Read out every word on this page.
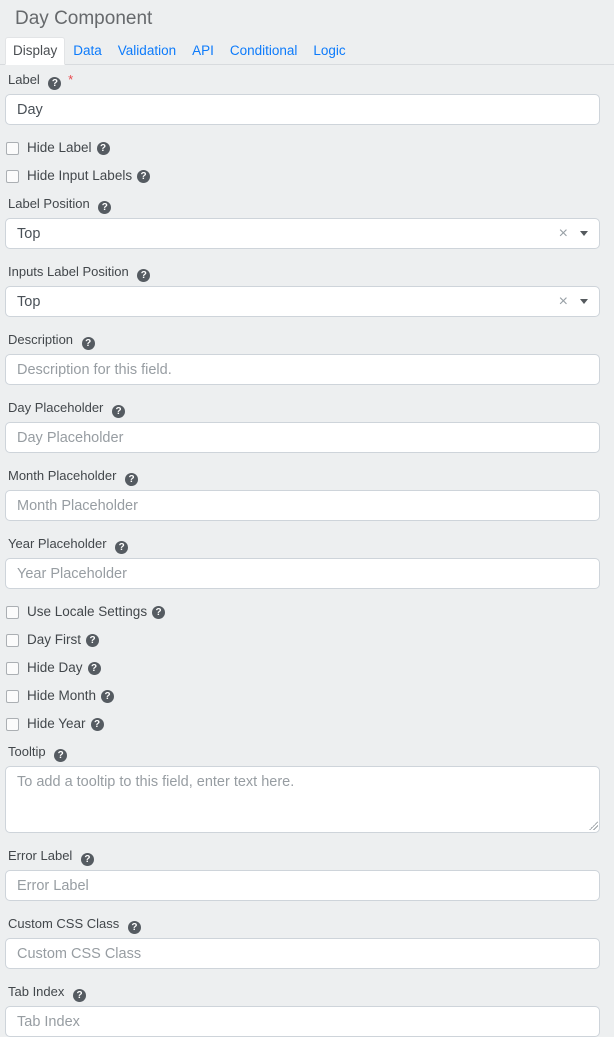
Day Component
Display	Data	Validation	API	Conditional	Logic
Label ? *
Day
Hide Label ?
Hide Input Labels ?
Label Position ?
Top	×
Inputs Label Position ?
Top	×
Description ?
Description for this field.
Day Placeholder ?
Day Placeholder
Month Placeholder ?
Month Placeholder
Year Placeholder ?
Year Placeholder
Use Locale Settings ?
Day First ?
Hide Day ?
Hide Month ?
Hide Year ?
Tooltip ?
To add a tooltip to this field, enter text here.
Error Label ?
Error Label
Custom CSS Class ?
Custom CSS Class
Tab Index ?
Tab Index
